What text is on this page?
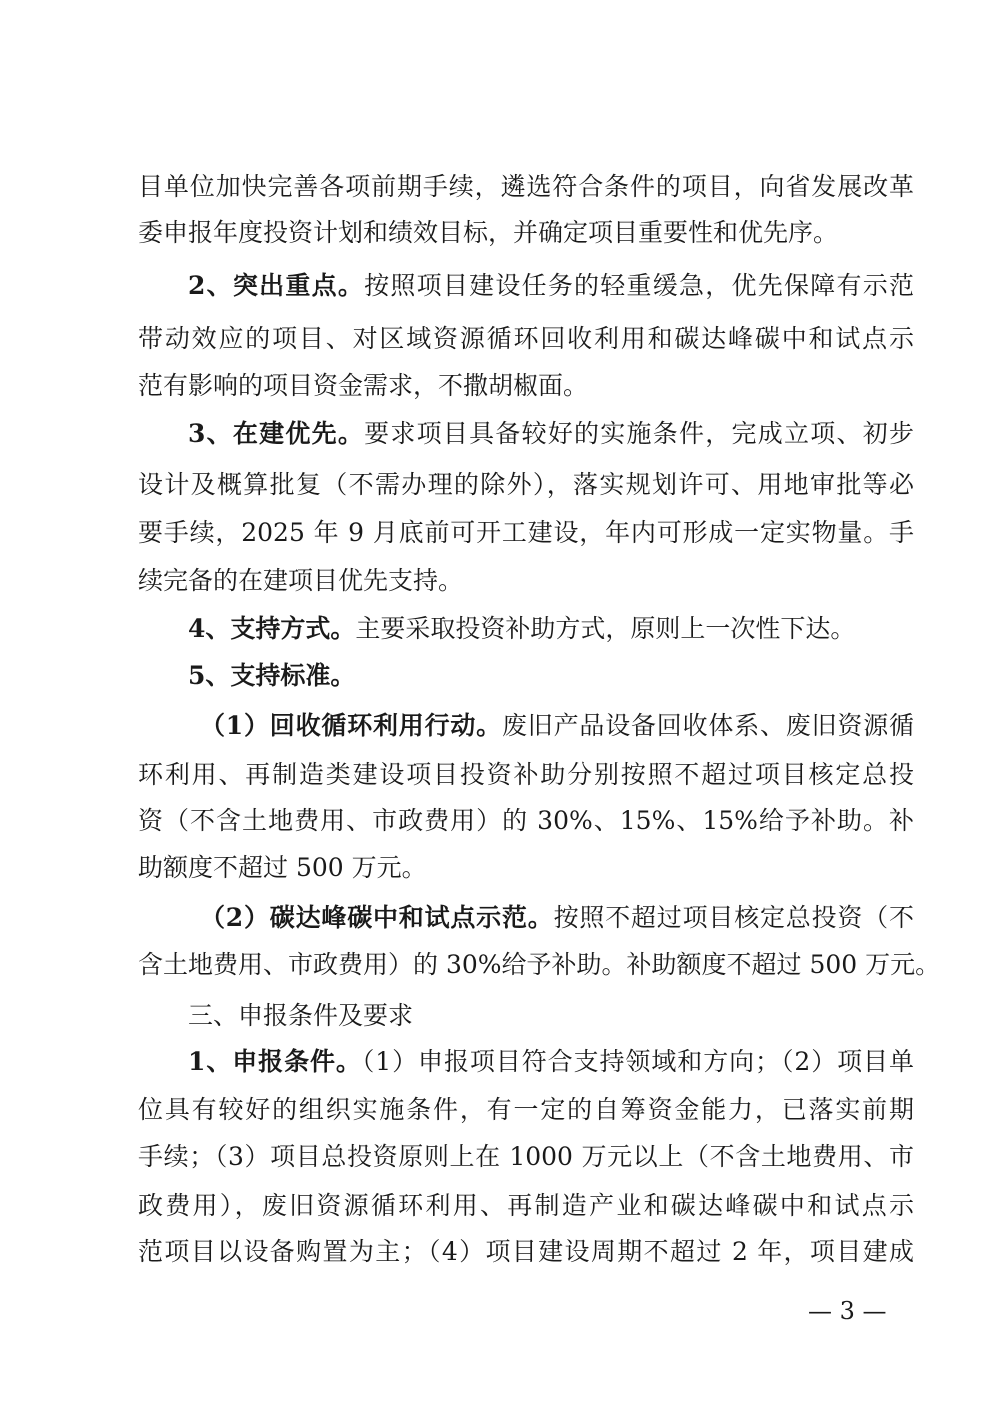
目单位加快完善各项前期手续，遴选符合条件的项目，向省发展改革
委申报年度投资计划和绩效目标，并确定项目重要性和优先序。
2、突出重点。按照项目建设任务的轻重缓急，优先保障有示范
带动效应的项目、对区域资源循环回收利用和碳达峰碳中和试点示
范有影响的项目资金需求，不撒胡椒面。
3、在建优先。要求项目具备较好的实施条件，完成立项、初步
设计及概算批复（不需办理的除外），落实规划许可、用地审批等必
要手续，2025 年 9 月底前可开工建设，年内可形成一定实物量。手
续完备的在建项目优先支持。
4、支持方式。主要采取投资补助方式，原则上一次性下达。
5、支持标准。
（1）回收循环利用行动。废旧产品设备回收体系、废旧资源循
环利用、再制造类建设项目投资补助分别按照不超过项目核定总投
资（不含土地费用、市政费用）的 30%、15%、15%给予补助。补
助额度不超过 500 万元。
（2）碳达峰碳中和试点示范。按照不超过项目核定总投资（不
含土地费用、市政费用）的 30%给予补助。补助额度不超过 500 万元。
三、申报条件及要求
1、申报条件。（1）申报项目符合支持领域和方向；（2）项目单
位具有较好的组织实施条件，有一定的自筹资金能力，已落实前期
手续；（3）项目总投资原则上在 1000 万元以上（不含土地费用、市
政费用），废旧资源循环利用、再制造产业和碳达峰碳中和试点示
范项目以设备购置为主；（4）项目建设周期不超过 2 年，项目建成
— 3 —
